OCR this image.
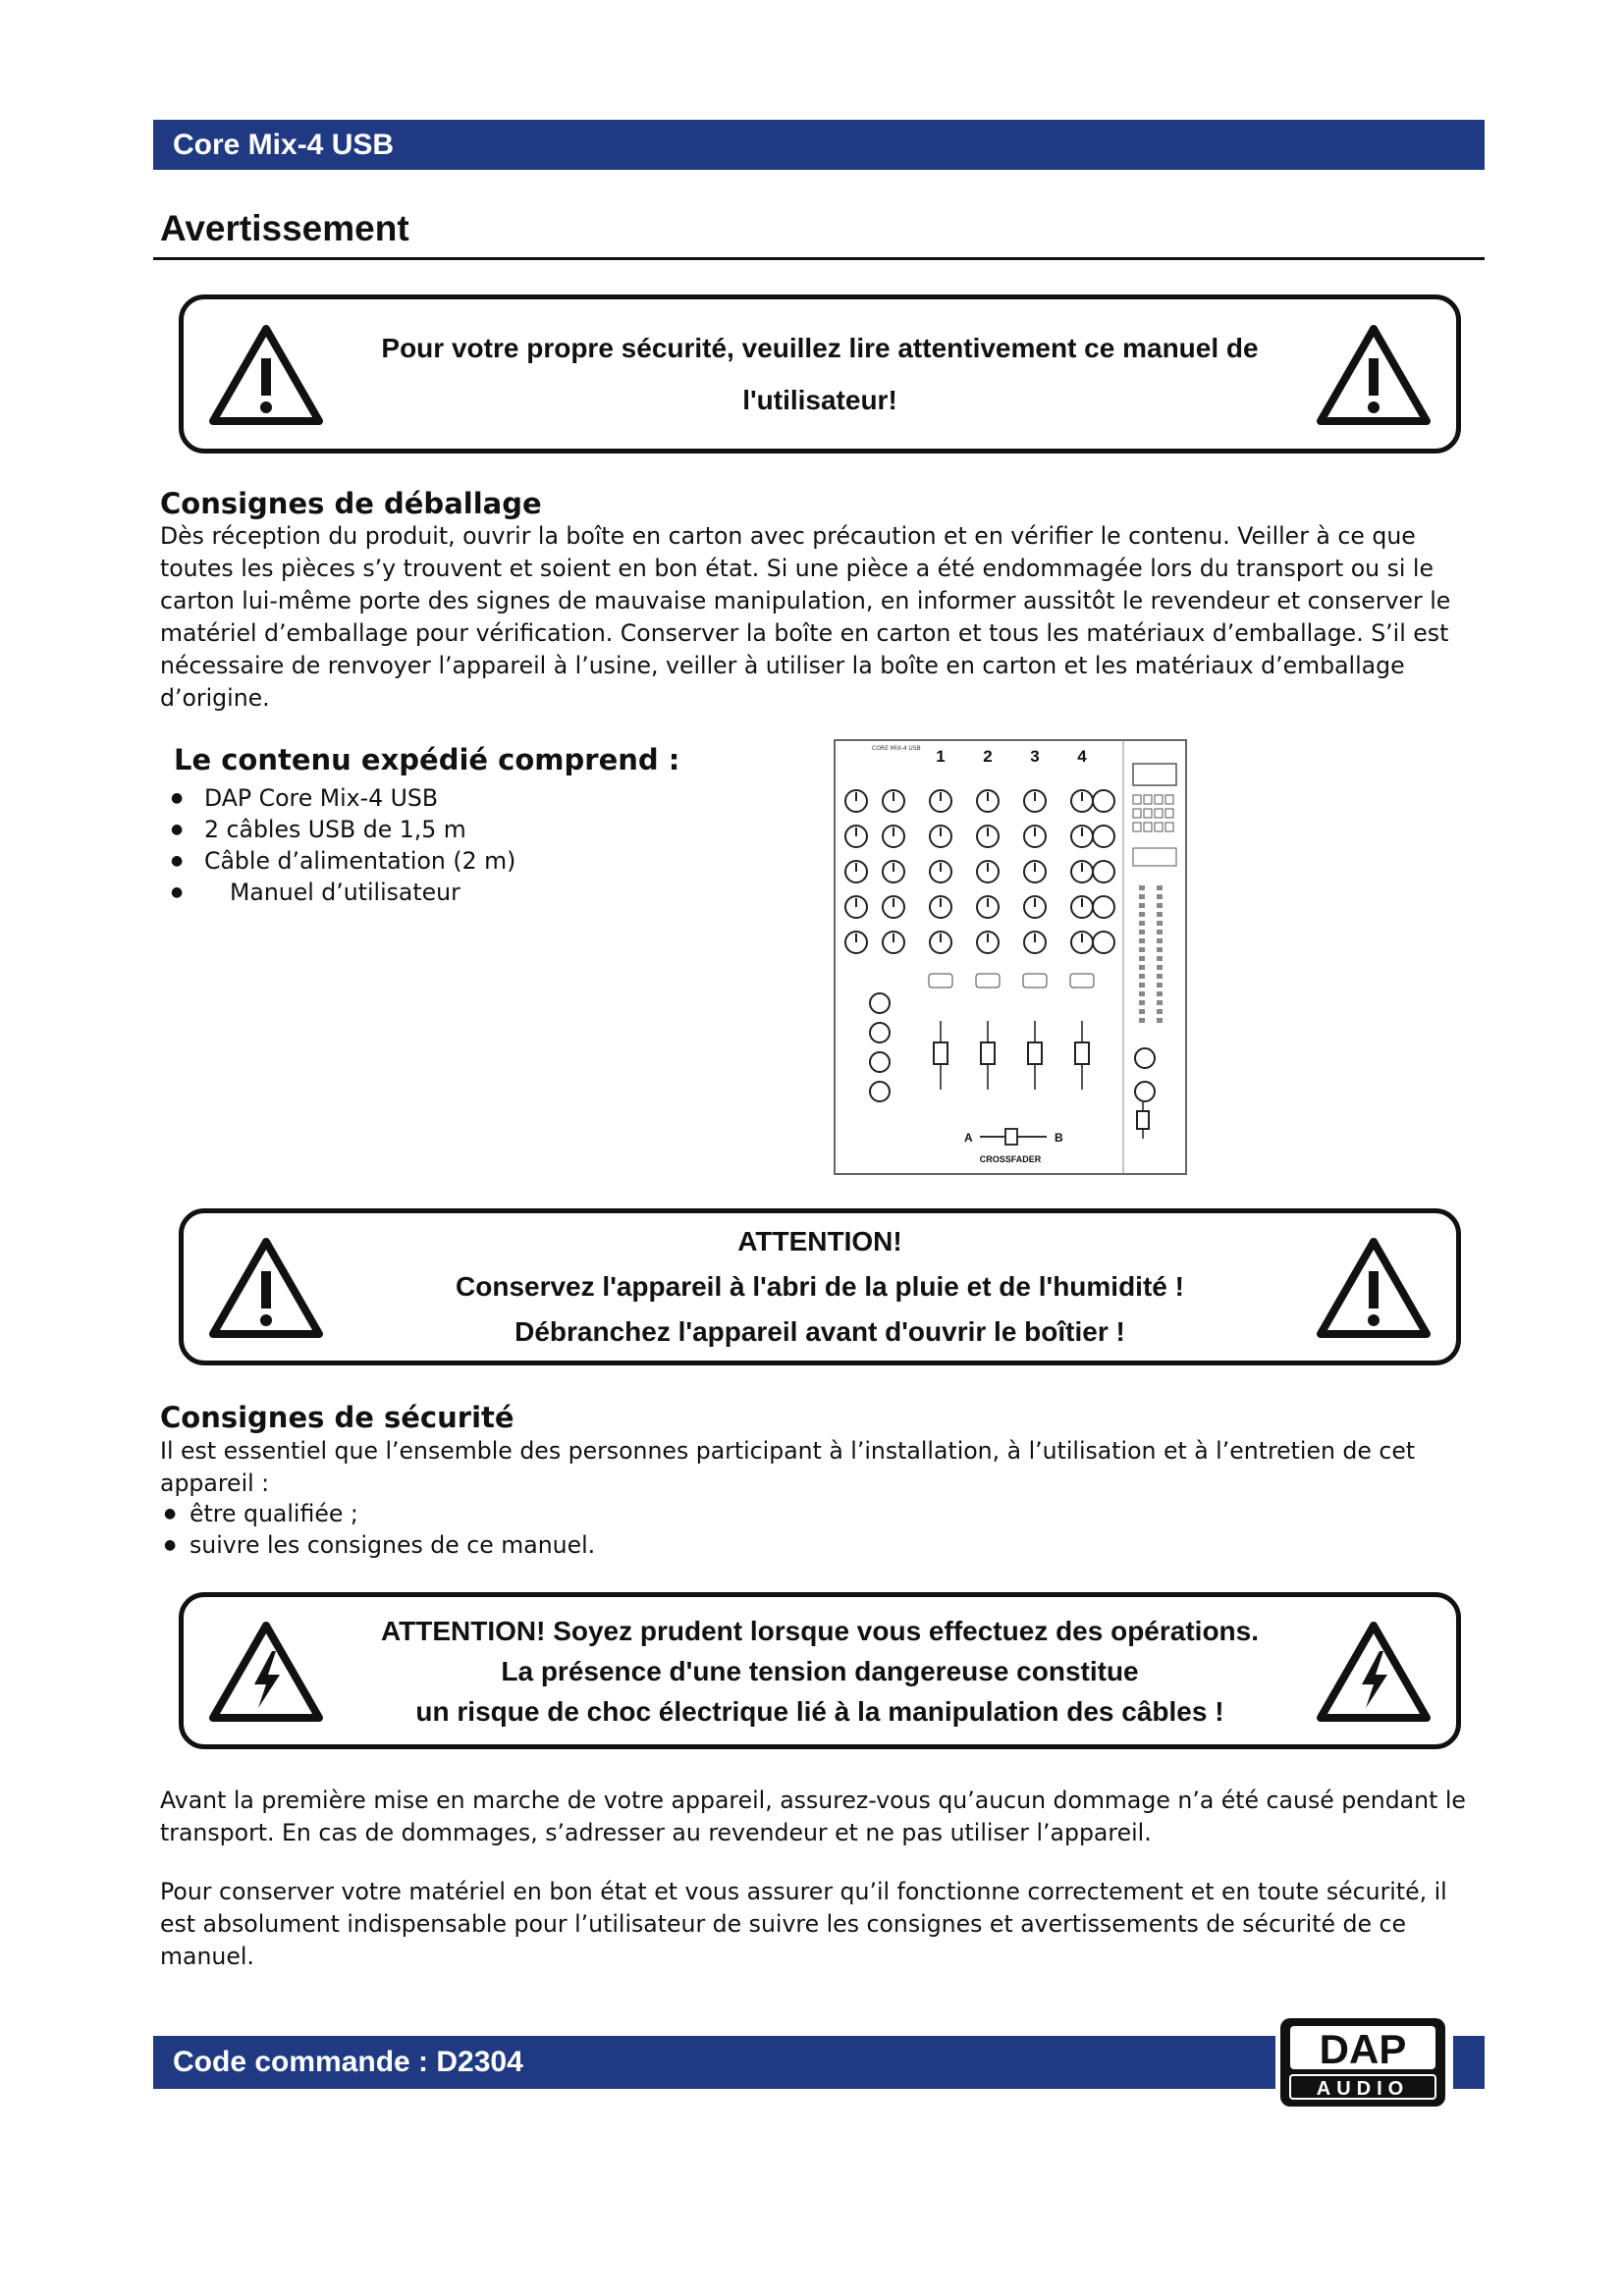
Core Mix-4 USB
Avertissement
Pour votre propre sécurité, veuillez lire attentivement ce manuel de
l'utilisateur!
Consignes de déballage

Dès réception du produit, ouvrir la boîte en carton avec précaution et en vérifier le contenu. Veiller à ce que toutes les pièces s’y trouvent et soient en bon état. Si une pièce a été endommagée lors du transport ou si le carton lui-même porte des signes de mauvaise manipulation, en informer aussitôt le revendeur et conserver le matériel d’emballage pour vérification. Conserver la boîte en carton et tous les matériaux d’emballage. S’il est nécessaire de renvoyer l’appareil à l’usine, veiller à utiliser la boîte en carton et les matériaux d’emballage d’origine.

Le contenu expédié comprend :
● DAP Core Mix-4 USB
● 2 câbles USB de 1,5 m
● Câble d’alimentation (2 m)
● Manuel d’utilisateur
CORE MIX-4 USB 1 2 3 4
A	B
CROSSFADER
ATTENTION!
Conservez l'appareil à l'abri de la pluie et de l'humidité !
Débranchez l'appareil avant d'ouvrir le boîtier !
Consignes de sécurité

Il est essentiel que l’ensemble des personnes participant à l’installation, à l’utilisation et à l’entretien de cet appareil :

● être qualifiée ;
● suivre les consignes de ce manuel.
ATTENTION! Soyez prudent lorsque vous effectuez des opérations.
La présence d'une tension dangereuse constitue
un risque de choc électrique lié à la manipulation des câbles !

Avant la première mise en marche de votre appareil, assurez-vous qu’aucun dommage n’a été causé pendant le transport. En cas de dommages, s’adresser au revendeur et ne pas utiliser l’appareil.

Pour conserver votre matériel en bon état et vous assurer qu’il fonctionne correctement et en toute sécurité, il est absolument indispensable pour l’utilisateur de suivre les consignes et avertissements de sécurité de ce manuel.

Code commande : D2304	DAP
AUDIO
